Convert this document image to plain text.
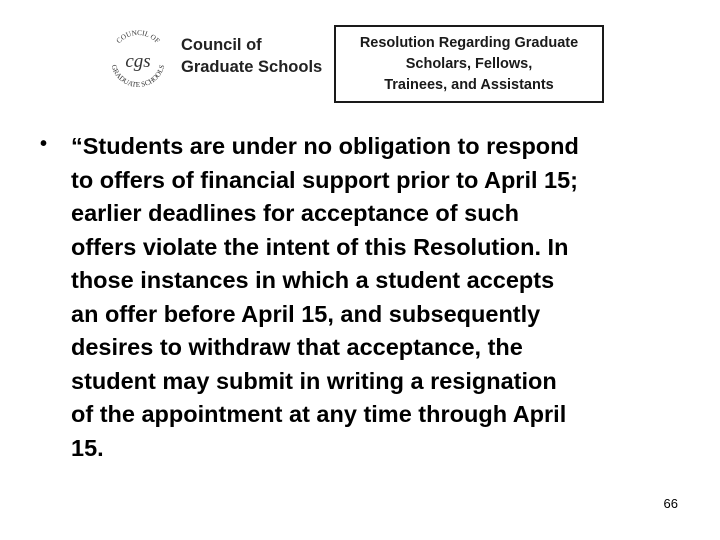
COUNCIL OF
GRADUATE SCHOOLS
cgs
Council of
Graduate Schools
Resolution Regarding Graduate
Scholars, Fellows,
Trainees, and Assistants
• “Students are under no obligation to respond
to offers of financial support prior to April 15;
earlier deadlines for acceptance of such
offers violate the intent of this Resolution. In
those instances in which a student accepts
an offer before April 15, and subsequently
desires to withdraw that acceptance, the
student may submit in writing a resignation
of the appointment at any time through April
15.
66
